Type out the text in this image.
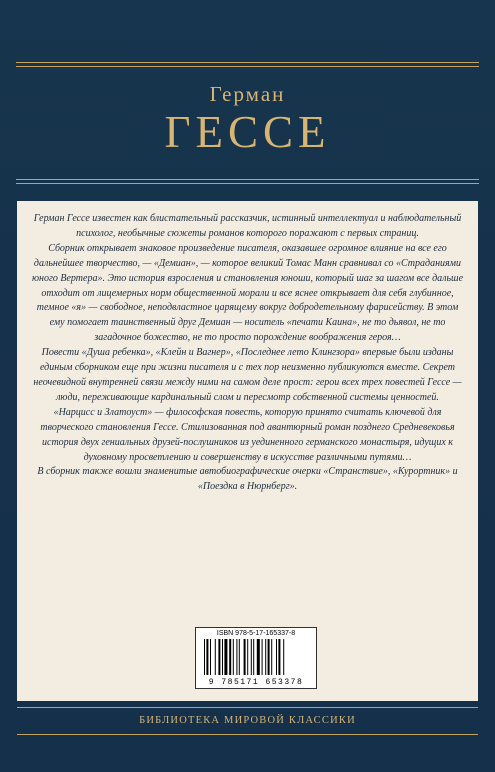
Герман
ГЕССЕ

Герман Гессе известен как блистательный рассказчик, истинный интеллектуал и наблюдательный психолог, необычные сюжеты романов которого поражают с первых страниц.

Сборник открывает знаковое произведение писателя, оказавшее огромное влияние на все его дальнейшее творчество, — «Демиан», — которое великий Томас Манн сравнивал со «Страданиями юного Вертера». Это история взросления и становления юноши, который шаг за шагом все дальше отходит от лицемерных норм общественной морали и все яснее открывает для себя глубинное, темное «я» — свободное, неподвластное царящему вокруг добродетельному фарисейству. В этом ему помогает таинственный друг Демиан — носитель «печати Каина», не то дьявол, не то загадочное божество, не то просто порождение воображения героя…

Повести «Душа ребенка», «Клейн и Вагнер», «Последнее лето Клингзора» впервые были изданы единым сборником еще при жизни писателя и с тех пор неизменно публикуются вместе. Секрет неочевидной внутренней связи между ними на самом деле прост: герои всех трех повестей Гессе — люди, переживающие кардинальный слом и пересмотр собственной системы ценностей.

«Нарцисс и Златоуст» — философская повесть, которую принято считать ключевой для творческого становления Гессе. Стилизованная под авантюрный роман позднего Средневековья история двух гениальных друзей-послушников из уединенного германского монастыря, идущих к духовному просветлению и совершенству в искусстве различными путями…

В сборник также вошли знаменитые автобиографические очерки «Странствие», «Курортник» и «Поездка в Нюрнберг».

ISBN 978-5-17-165337-8
9 785171 653378
БИБЛИОТЕКА МИРОВОЙ КЛАССИКИ
